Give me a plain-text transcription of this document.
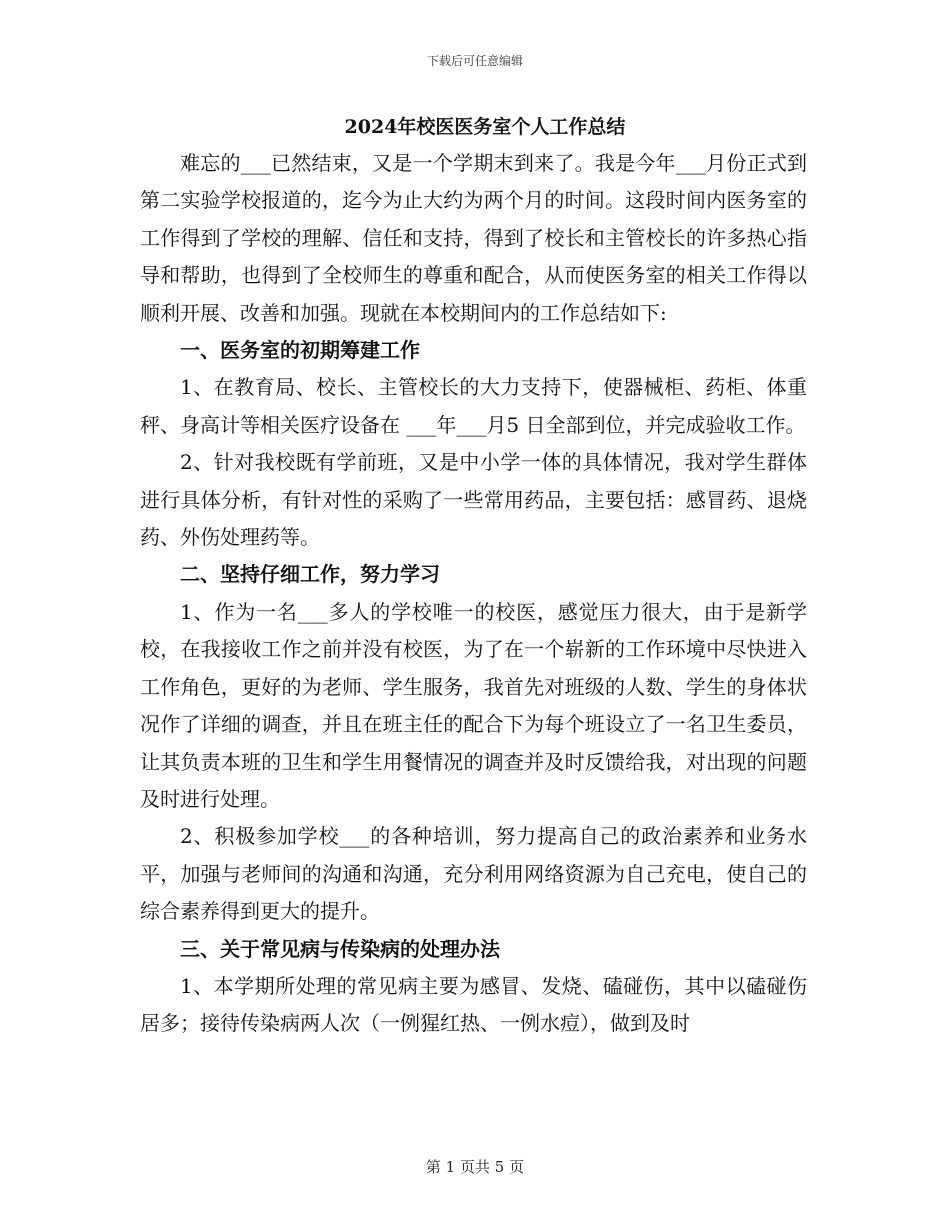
下载后可任意编辑
2024年校医医务室个人工作总结

难忘的___已然结束，又是一个学期末到来了。我是今年___月份正式到第二实验学校报道的，迄今为止大约为两个月的时间。这段时间内医务室的工作得到了学校的理解、信任和支持，得到了校长和主管校长的许多热心指导和帮助，也得到了全校师生的尊重和配合，从而使医务室的相关工作得以顺利开展、改善和加强。现就在本校期间内的工作总结如下:

一、医务室的初期筹建工作

1、在教育局、校长、主管校长的大力支持下，使器械柜、药柜、体重秤、身高计等相关医疗设备在 ___年___月5 日全部到位，并完成验收工作。

2、针对我校既有学前班，又是中小学一体的具体情况，我对学生群体进行具体分析，有针对性的采购了一些常用药品，主要包括：感冒药、退烧药、外伤处理药等。

二、坚持仔细工作，努力学习

1、作为一名___多人的学校唯一的校医，感觉压力很大，由于是新学校，在我接收工作之前并没有校医，为了在一个崭新的工作环境中尽快进入工作角色，更好的为老师、学生服务，我首先对班级的人数、学生的身体状况作了详细的调查，并且在班主任的配合下为每个班设立了一名卫生委员，让其负责本班的卫生和学生用餐情况的调查并及时反馈给我，对出现的问题及时进行处理。

2、积极参加学校___的各种培训，努力提高自己的政治素养和业务水平，加强与老师间的沟通和沟通，充分利用网络资源为自己充电，使自己的综合素养得到更大的提升。

三、关于常见病与传染病的处理办法

1、本学期所处理的常见病主要为感冒、发烧、磕碰伤，其中以磕碰伤居多；接待传染病两人次（一例猩红热、一例水痘），做到及时

第 1 页共 5 页
